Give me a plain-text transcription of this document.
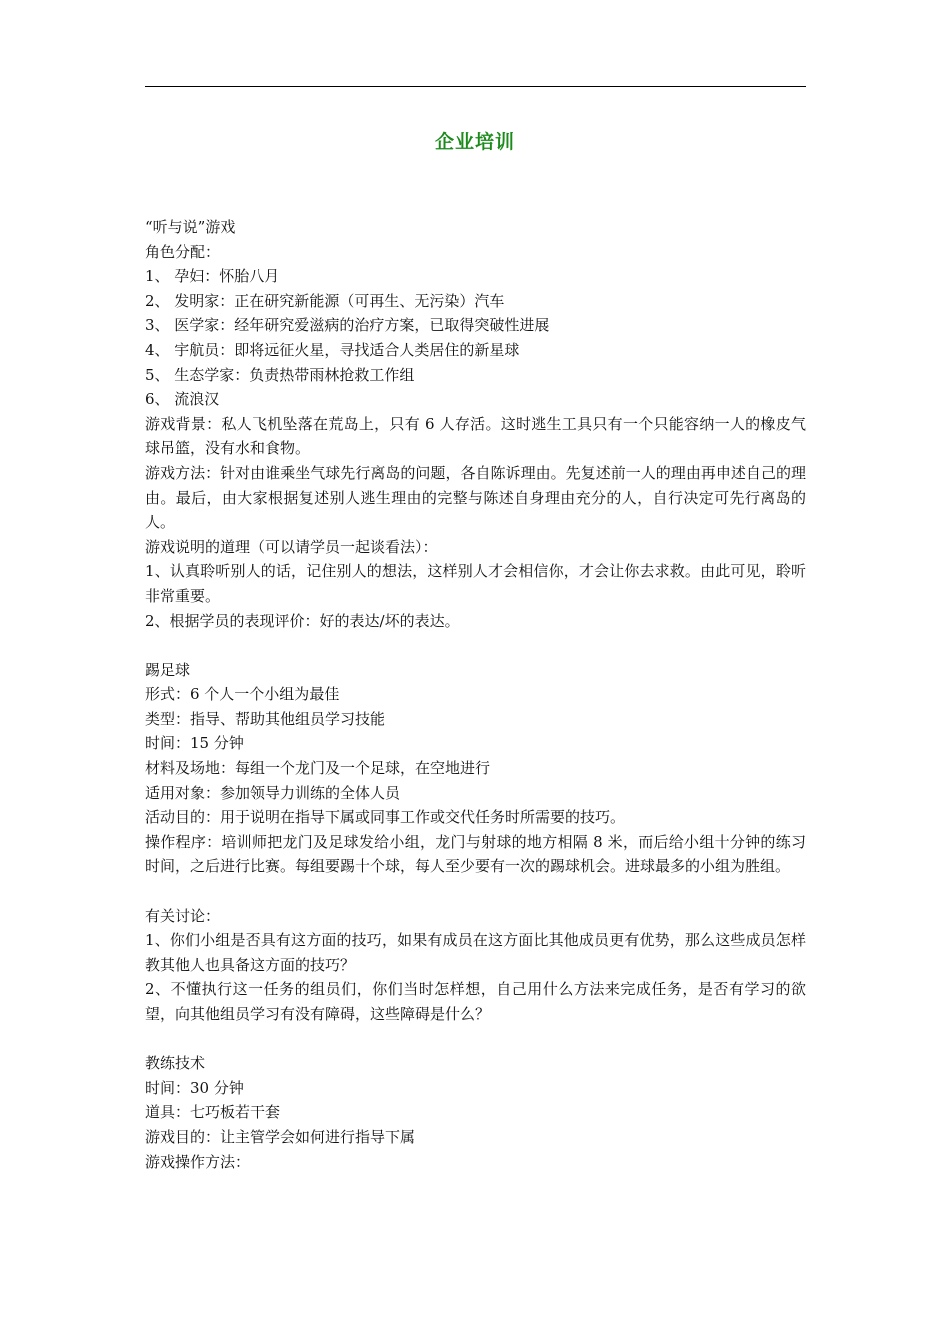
企业培训

“听与说”游戏

角色分配：

1、 孕妇：怀胎八月

2、 发明家：正在研究新能源（可再生、无污染）汽车

3、 医学家：经年研究爱滋病的治疗方案，已取得突破性进展

4、 宇航员：即将远征火星，寻找适合人类居住的新星球

5、 生态学家：负责热带雨林抢救工作组

6、 流浪汉

游戏背景：私人飞机坠落在荒岛上，只有 6 人存活。这时逃生工具只有一个只能容纳一人的橡皮气球吊篮，没有水和食物。

游戏方法：针对由谁乘坐气球先行离岛的问题，各自陈诉理由。先复述前一人的理由再申述自己的理由。最后，由大家根据复述别人逃生理由的完整与陈述自身理由充分的人，自行决定可先行离岛的人。

游戏说明的道理（可以请学员一起谈看法）：

1、认真聆听别人的话，记住别人的想法，这样别人才会相信你，才会让你去求救。由此可见，聆听非常重要。

2、根据学员的表现评价：好的表达/坏的表达。

踢足球

形式：6 个人一个小组为最佳

类型：指导、帮助其他组员学习技能

时间：15 分钟

材料及场地：每组一个龙门及一个足球，在空地进行

适用对象：参加领导力训练的全体人员

活动目的：用于说明在指导下属或同事工作或交代任务时所需要的技巧。

操作程序：培训师把龙门及足球发给小组，龙门与射球的地方相隔 8 米，而后给小组十分钟的练习时间，之后进行比赛。每组要踢十个球，每人至少要有一次的踢球机会。进球最多的小组为胜组。

有关讨论：

1、你们小组是否具有这方面的技巧，如果有成员在这方面比其他成员更有优势，那么这些成员怎样教其他人也具备这方面的技巧？

2、不懂执行这一任务的组员们，你们当时怎样想，自己用什么方法来完成任务，是否有学习的欲望，向其他组员学习有没有障碍，这些障碍是什么？

教练技术

时间：30 分钟

道具：七巧板若干套

游戏目的：让主管学会如何进行指导下属

游戏操作方法：
